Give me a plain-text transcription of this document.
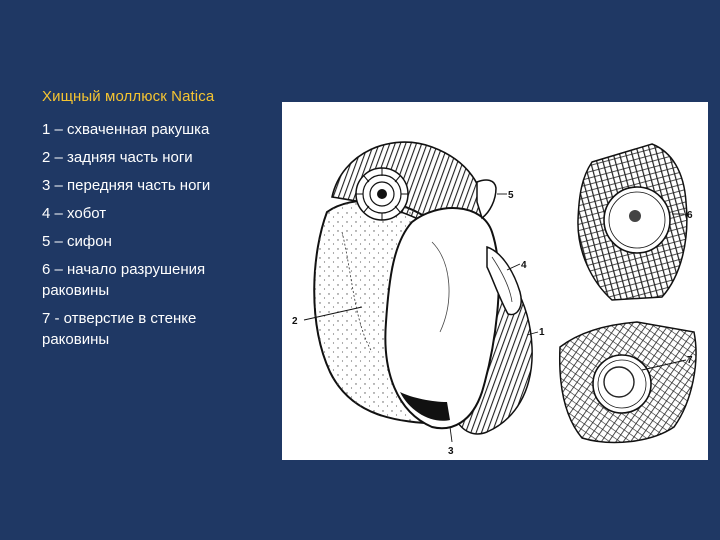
Хищный моллюск Natica
1 – схваченная ракушка
2 – задняя часть ноги
3 – передняя часть ноги
4 – хобот
5 – сифон
6 – начало разрушения раковины
7 - отверстие в стенке раковины
2
5
4
1
3
6
7
